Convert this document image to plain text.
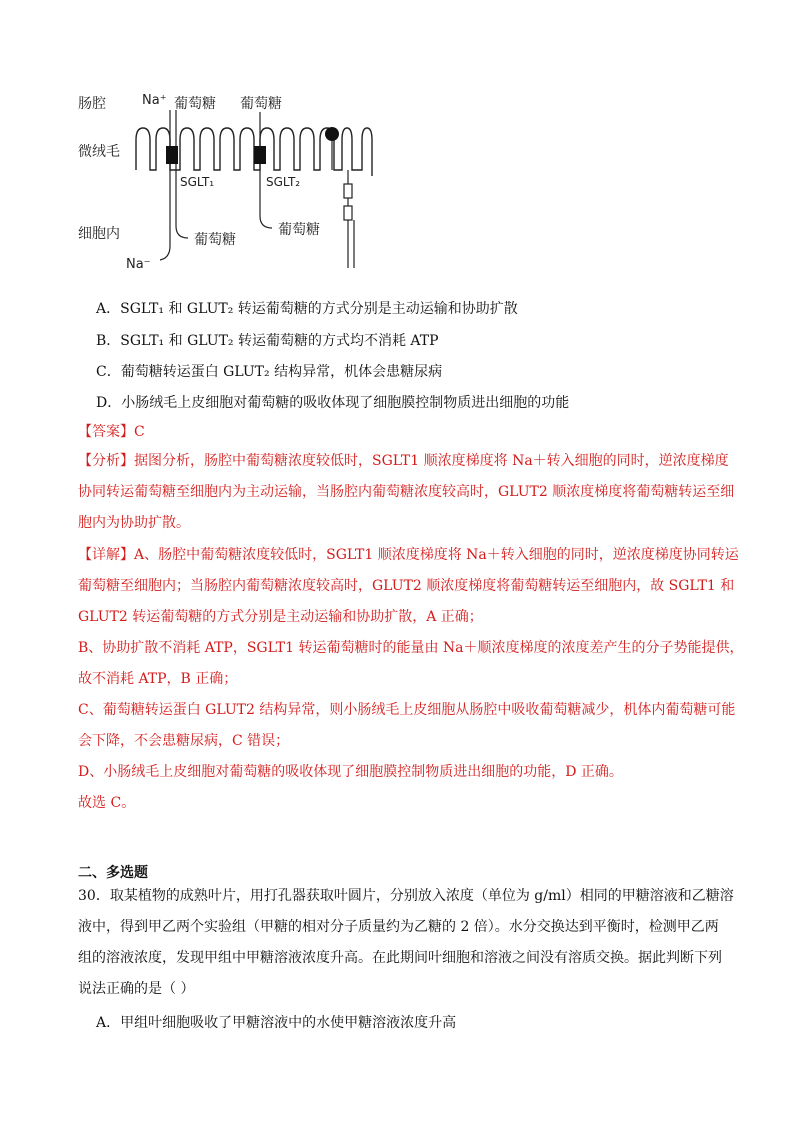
肠腔
微绒毛
细胞内
Na⁺ 葡萄糖 葡萄糖
SGLT₁	SGLT₂
葡萄糖
葡萄糖
Na⁻
A．SGLT₁ 和 GLUT₂ 转运葡萄糖的方式分别是主动运输和协助扩散
B．SGLT₁ 和 GLUT₂ 转运葡萄糖的方式均不消耗 ATP
C．葡萄糖转运蛋白 GLUT₂ 结构异常，机体会患糖尿病
D．小肠绒毛上皮细胞对葡萄糖的吸收体现了细胞膜控制物质进出细胞的功能
【答案】C
【分析】据图分析，肠腔中葡萄糖浓度较低时，SGLT1 顺浓度梯度将 Na＋转入细胞的同时，逆浓度梯度
协同转运葡萄糖至细胞内为主动运输，当肠腔内葡萄糖浓度较高时，GLUT2 顺浓度梯度将葡萄糖转运至细
胞内为协助扩散。
【详解】A、肠腔中葡萄糖浓度较低时，SGLT1 顺浓度梯度将 Na＋转入细胞的同时，逆浓度梯度协同转运
葡萄糖至细胞内；当肠腔内葡萄糖浓度较高时，GLUT2 顺浓度梯度将葡萄糖转运至细胞内，故 SGLT1 和
GLUT2 转运葡萄糖的方式分别是主动运输和协助扩散，A 正确；
B、协助扩散不消耗 ATP，SGLT1 转运葡萄糖时的能量由 Na＋顺浓度梯度的浓度差产生的分子势能提供，
故不消耗 ATP，B 正确；
C、葡萄糖转运蛋白 GLUT2 结构异常，则小肠绒毛上皮细胞从肠腔中吸收葡萄糖减少，机体内葡萄糖可能
会下降，不会患糖尿病，C 错误；
D、小肠绒毛上皮细胞对葡萄糖的吸收体现了细胞膜控制物质进出细胞的功能，D 正确。
故选 C。
二、多选题
30．取某植物的成熟叶片，用打孔器获取叶圆片，分别放入浓度（单位为 g/ml）相同的甲糖溶液和乙糖溶
液中，得到甲乙两个实验组（甲糖的相对分子质量约为乙糖的 2 倍）。水分交换达到平衡时，检测甲乙两
组的溶液浓度，发现甲组中甲糖溶液浓度升高。在此期间叶细胞和溶液之间没有溶质交换。据此判断下列
说法正确的是（ ）
A．甲组叶细胞吸收了甲糖溶液中的水使甲糖溶液浓度升高
